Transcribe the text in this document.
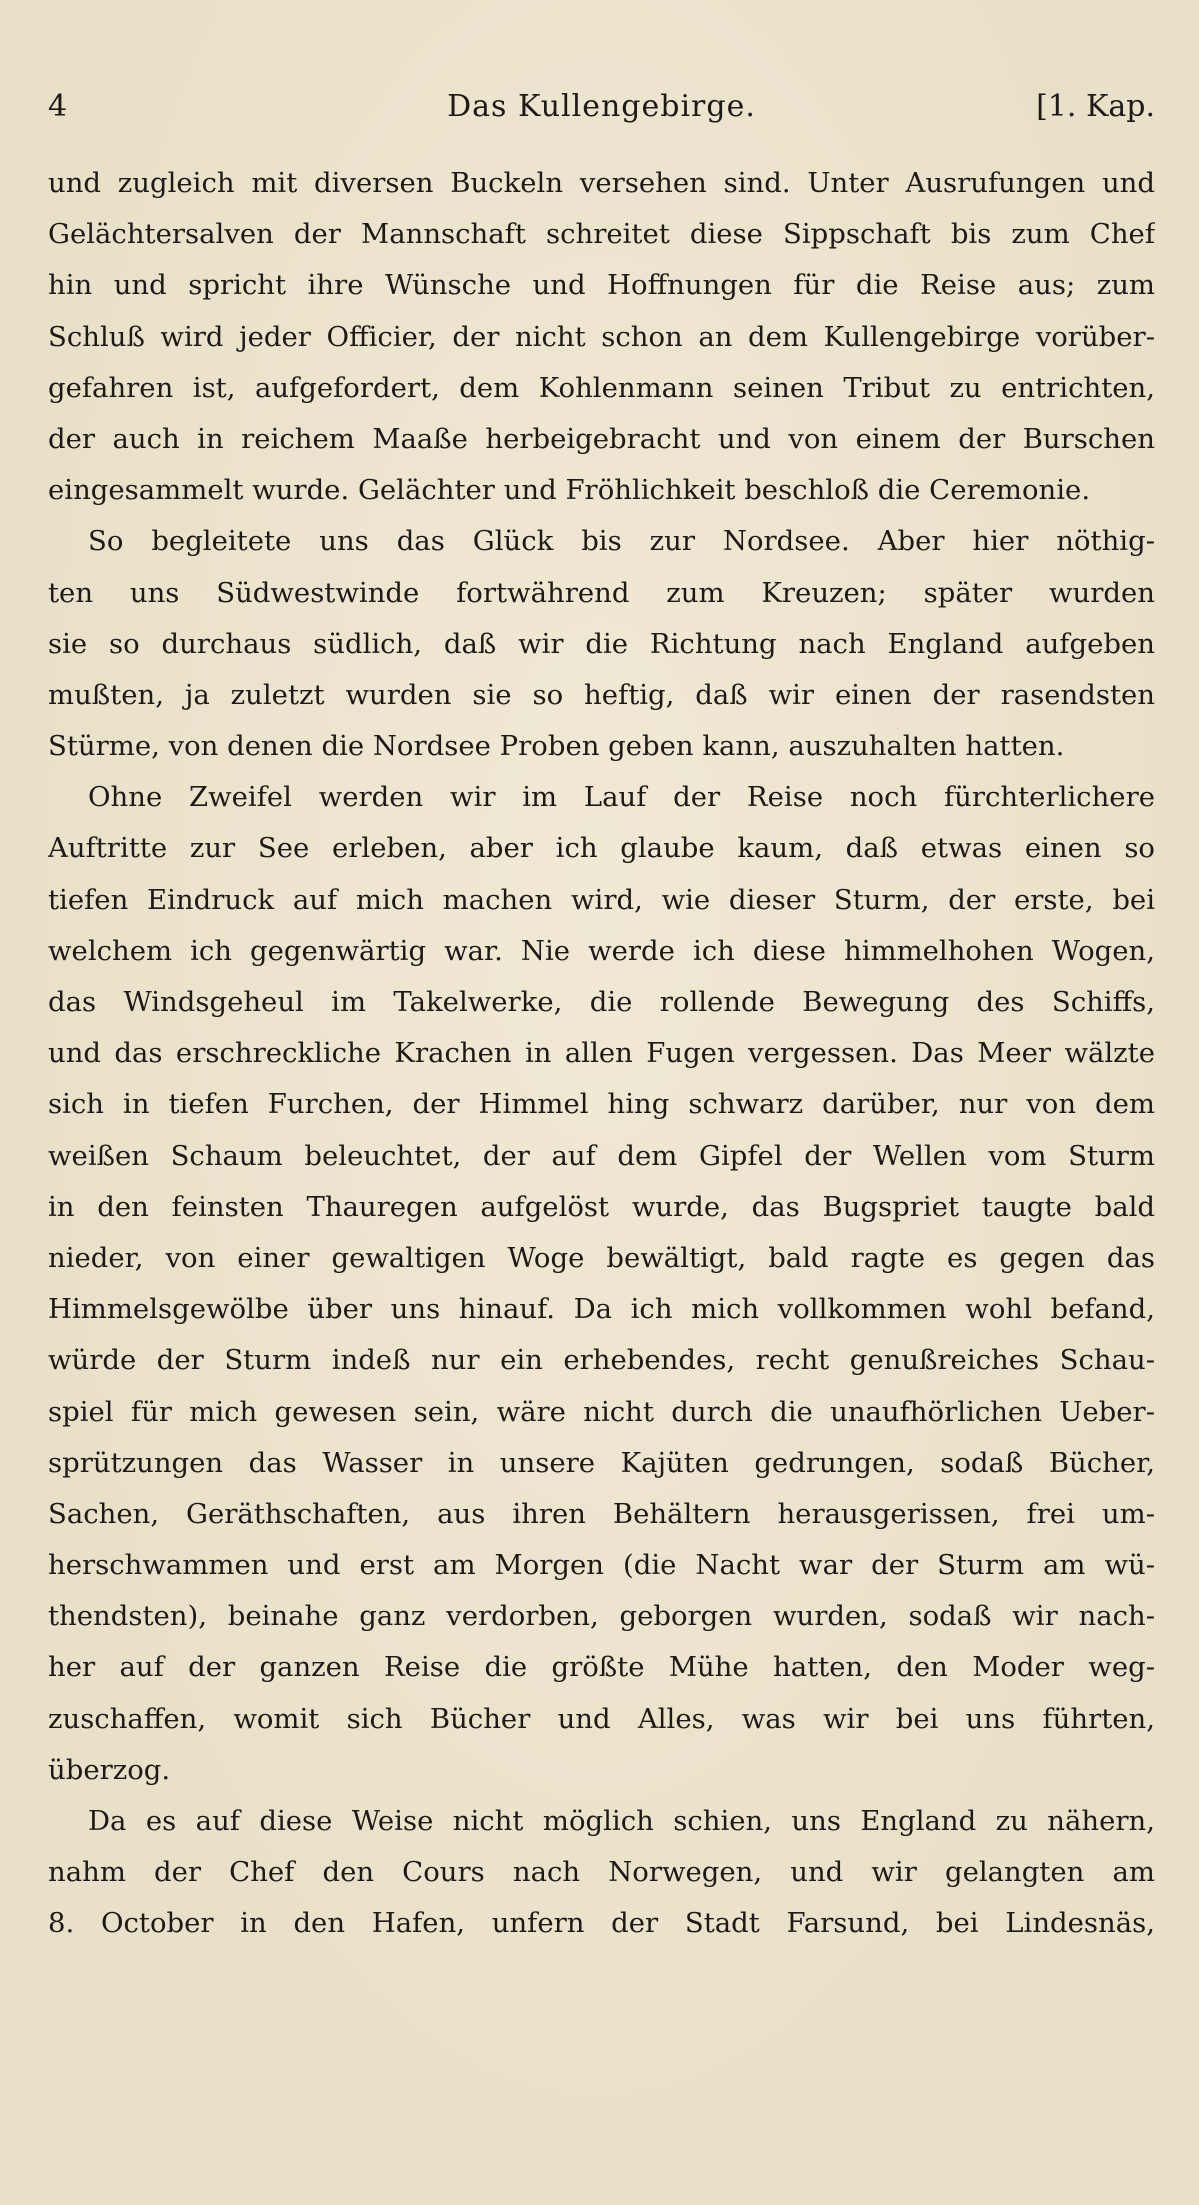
4	Das Kullengebirge.	[1. Kap.
und zugleich mit diversen Buckeln versehen sind. Unter Ausrufungen und
Gelächtersalven der Mannschaft schreitet diese Sippschaft bis zum Chef
hin und spricht ihre Wünsche und Hoffnungen für die Reise aus; zum
Schluß wird jeder Officier, der nicht schon an dem Kullengebirge vorüber-
gefahren ist, aufgefordert, dem Kohlenmann seinen Tribut zu entrichten,
der auch in reichem Maaße herbeigebracht und von einem der Burschen
eingesammelt wurde. Gelächter und Fröhlichkeit beschloß die Ceremonie.
So begleitete uns das Glück bis zur Nordsee. Aber hier nöthig-
ten uns Südwestwinde fortwährend zum Kreuzen; später wurden
sie so durchaus südlich, daß wir die Richtung nach England aufgeben
mußten, ja zuletzt wurden sie so heftig, daß wir einen der rasendsten
Stürme, von denen die Nordsee Proben geben kann, auszuhalten hatten.
Ohne Zweifel werden wir im Lauf der Reise noch fürchterlichere
Auftritte zur See erleben, aber ich glaube kaum, daß etwas einen so
tiefen Eindruck auf mich machen wird, wie dieser Sturm, der erste, bei
welchem ich gegenwärtig war. Nie werde ich diese himmelhohen Wogen,
das Windsgeheul im Takelwerke, die rollende Bewegung des Schiffs,
und das erschreckliche Krachen in allen Fugen vergessen. Das Meer wälzte
sich in tiefen Furchen, der Himmel hing schwarz darüber, nur von dem
weißen Schaum beleuchtet, der auf dem Gipfel der Wellen vom Sturm
in den feinsten Thauregen aufgelöst wurde, das Bugspriet taugte bald
nieder, von einer gewaltigen Woge bewältigt, bald ragte es gegen das
Himmelsgewölbe über uns hinauf. Da ich mich vollkommen wohl befand,
würde der Sturm indeß nur ein erhebendes, recht genußreiches Schau-
spiel für mich gewesen sein, wäre nicht durch die unaufhörlichen Ueber-
sprützungen das Wasser in unsere Kajüten gedrungen, sodaß Bücher,
Sachen, Geräthschaften, aus ihren Behältern herausgerissen, frei um-
herschwammen und erst am Morgen (die Nacht war der Sturm am wü-
thendsten), beinahe ganz verdorben, geborgen wurden, sodaß wir nach-
her auf der ganzen Reise die größte Mühe hatten, den Moder weg-
zuschaffen, womit sich Bücher und Alles, was wir bei uns führten,
überzog.
Da es auf diese Weise nicht möglich schien, uns England zu nähern,
nahm der Chef den Cours nach Norwegen, und wir gelangten am
8. October in den Hafen, unfern der Stadt Farsund, bei Lindesnäs,
